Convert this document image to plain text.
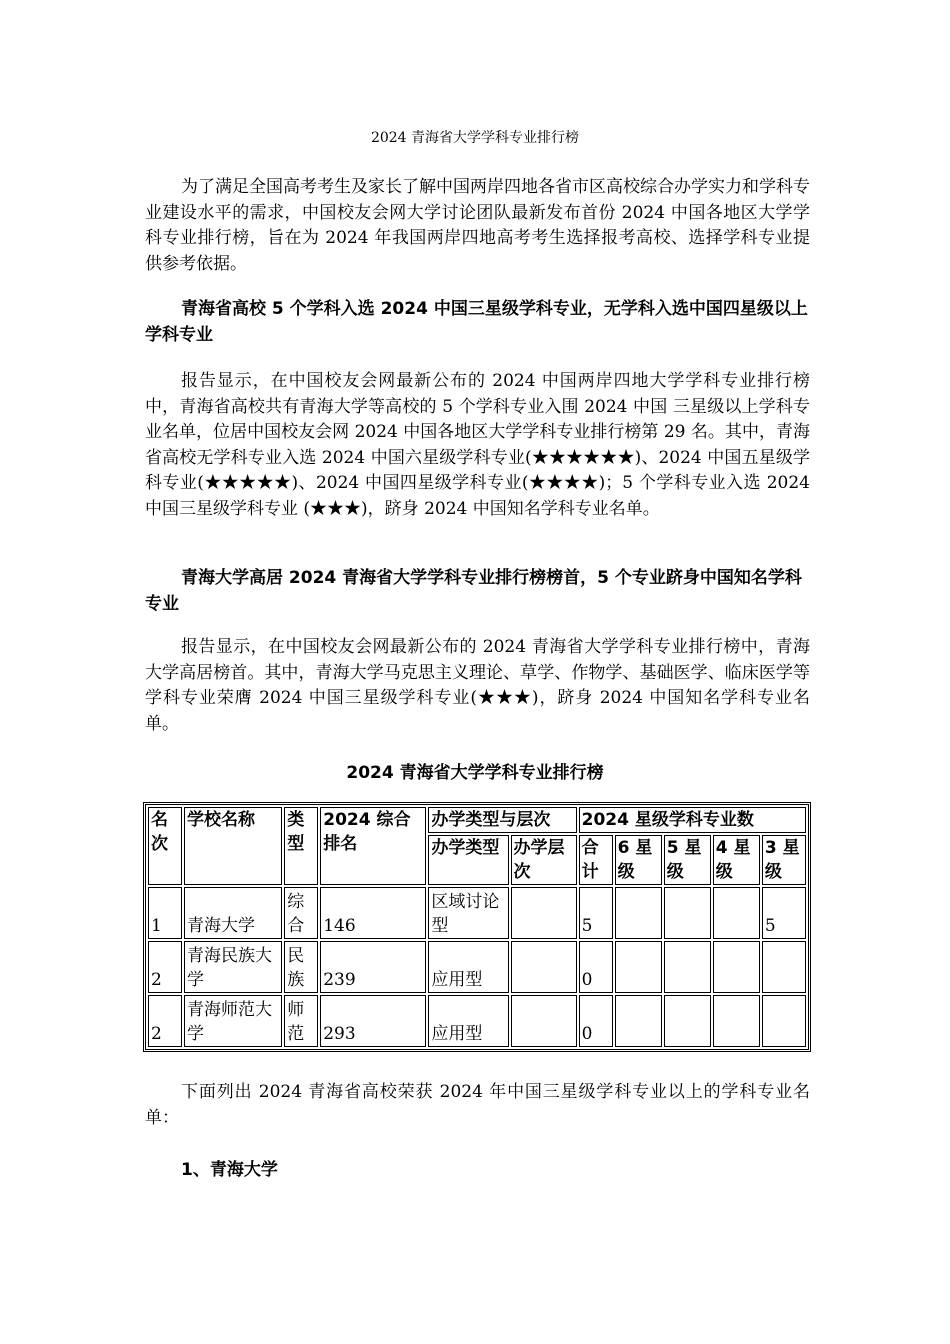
2024 青海省大学学科专业排行榜

为了满足全国高考考生及家长了解中国两岸四地各省市区高校综合办学实力和学科专业建设水平的需求，中国校友会网大学讨论团队最新发布首份 2024 中国各地区大学学科专业排行榜，旨在为 2024 年我国两岸四地高考考生选择报考高校、选择学科专业提供参考依据。

青海省高校 5 个学科入选 2024 中国三星级学科专业，无学科入选中国四星级以上学科专业

报告显示，在中国校友会网最新公布的 2024 中国两岸四地大学学科专业排行榜中，青海省高校共有青海大学等高校的 5 个学科专业入围 2024 中国 三星级以上学科专业名单，位居中国校友会网 2024 中国各地区大学学科专业排行榜第 29 名。其中，青海省高校无学科专业入选 2024 中国六星级学科专业(★★★★★★)、2024 中国五星级学科专业(★★★★★)、2024 中国四星级学科专业(★★★★)；5 个学科专业入选 2024 中国三星级学科专业 (★★★)，跻身 2024 中国知名学科专业名单。

青海大学高居 2024 青海省大学学科专业排行榜榜首，5 个专业跻身中国知名学科专业

报告显示，在中国校友会网最新公布的 2024 青海省大学学科专业排行榜中，青海大学高居榜首。其中，青海大学马克思主义理论、草学、作物学、基础医学、临床医学等学科专业荣膺 2024 中国三星级学科专业(★★★)，跻身 2024 中国知名学科专业名单。

2024 青海省大学学科专业排行榜
名次	学校名称	类型	2024 综合排名	办学类型与层次		2024 星级学科专业数				
				办学类型	办学层次	合计	6 星级	5 星级	4 星级	3 星级
1	青海大学	综合	146	区域讨论型		5				5
2	青海民族大学	民族	239	应用型		0				
2	青海师范大学	师范	293	应用型		0				

下面列出 2024 青海省高校荣获 2024 年中国三星级学科专业以上的学科专业名单：

1、青海大学
